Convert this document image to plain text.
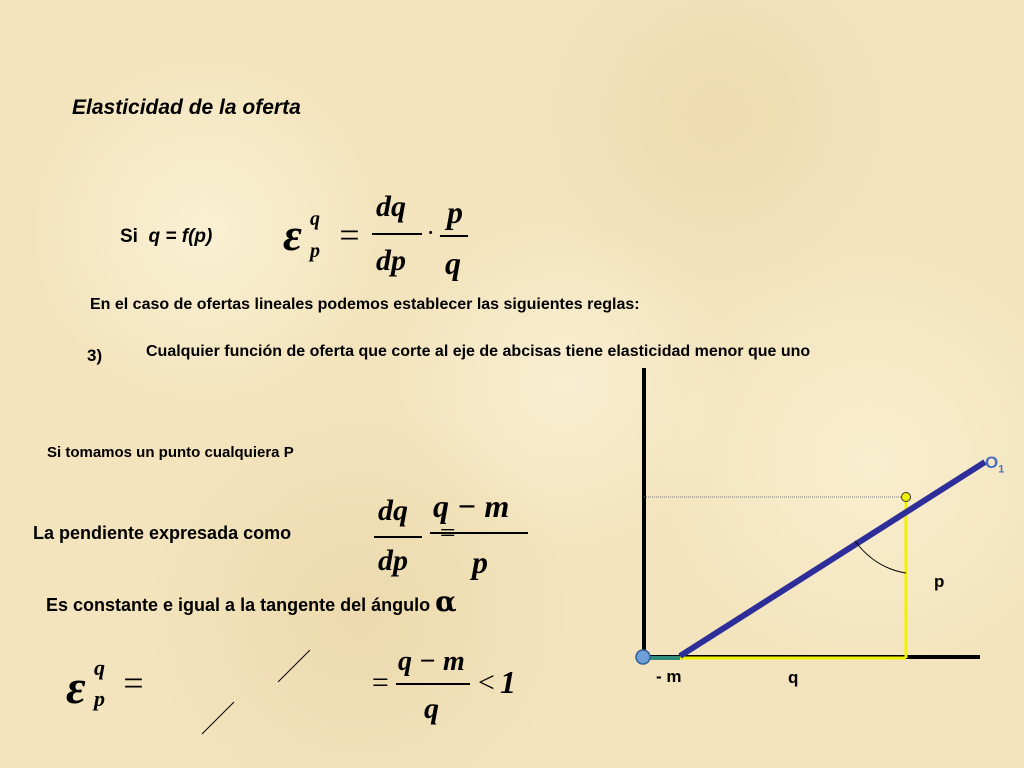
Análisis Económico
Elasticidad de la oferta
Si q = f(p) ε q
p =
dq
dp
·
p
q
En el caso de ofertas lineales podemos establecer las siguientes reglas:
3)	Cualquier función de oferta que corte al eje de abcisas tiene elasticidad menor que uno
Si tomamos un punto cualquiera P
La pendiente expresada como
dq
dp
q − m
p
Es constante e igual a la tangente del ángulo α
ε q
p =	=
q − m
q
< 1
$O_1$
p
q
- m
